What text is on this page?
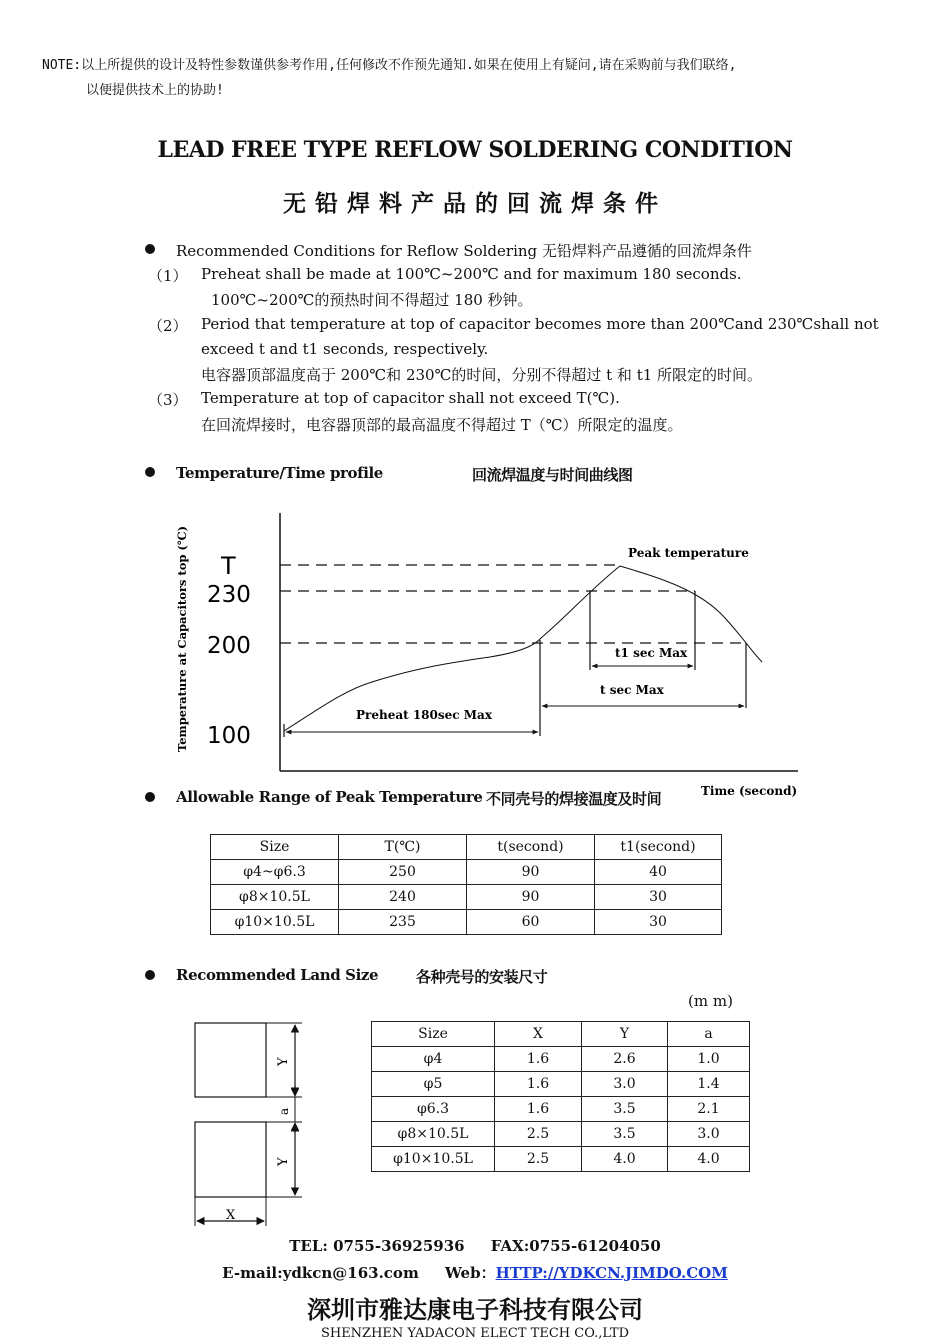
NOTE:以上所提供的设计及特性参数谨供参考作用,任何修改不作预先通知.如果在使用上有疑问,请在采购前与我们联络,
以便提供技术上的协助!
LEAD FREE TYPE REFLOW SOLDERING CONDITION
无铅焊料产品的回流焊条件
Recommended Conditions for Reflow Soldering 无铅焊料产品遵循的回流焊条件
（1） Preheat shall be made at 100℃~200℃ and for maximum 180 seconds.
100℃~200℃的预热时间不得超过 180 秒钟。
（2） Period that temperature at top of capacitor becomes more than 200℃and 230℃shall not
exceed t and t1 seconds, respectively.
电容器顶部温度高于 200℃和 230℃的时间，分别不得超过 t 和 t1 所限定的时间。
（3） Temperature at top of capacitor shall not exceed T(℃).
在回流焊接时，电容器顶部的最高温度不得超过 T（℃）所限定的温度。
Temperature/Time profile	回流焊温度与时间曲线图
T
230
200
100
Temperature at Capacitors top (℃)	Peak temperature
t1 sec Max
t sec Max
Preheat 180sec Max
Time (second)
Allowable Range of Peak Temperature 不同壳号的焊接温度及时间
Size	T(℃)	t(second)	t1(second)
φ4~φ6.3	250	90	40
φ8×10.5L	240	90	30
φ10×10.5L	235	60	30
Recommended Land Size	各种壳号的安装尺寸
(m m)
Y
a
Y
X
Size	X	Y	a
φ4	1.6	2.6	1.0
φ5	1.6	3.0	1.4
φ6.3	1.6	3.5	2.1
φ8×10.5L	2.5	3.5	3.0
φ10×10.5L	2.5	4.0	4.0
TEL: 0755-36925936 FAX:0755-61204050
E-mail:ydkcn@163.com Web：HTTP://YDKCN.JIMDO.COM
深圳市雅达康电子科技有限公司
SHENZHEN YADACON ELECT TECH CO.,LTD
